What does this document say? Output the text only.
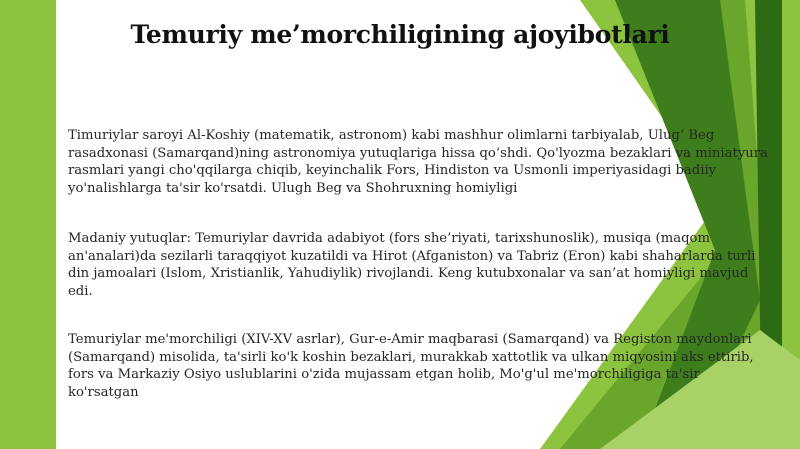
Temuriy me’morchiligining ajoyibotlari

Timuriylar saroyi Al-Koshiy (matematik, astronom) kabi mashhur olimlarni tarbiyalab, Ulug‘ Beg rasadxonasi (Samarqand)ning astronomiya yutuqlariga hissa qo‘shdi. Qo'lyozma bezaklari va miniatyura rasmlari yangi cho'qqilarga chiqib, keyinchalik Fors, Hindiston va Usmonli imperiyasidagi badiiy yo'nalishlarga ta'sir ko'rsatdi. Ulugh Beg va Shohruxning homiyligi

Madaniy yutuqlar: Temuriylar davrida adabiyot (fors she’riyati, tarixshunoslik), musiqa (maqom an'analari)da sezilarli taraqqiyot kuzatildi va Hirot (Afganiston) va Tabriz (Eron) kabi shaharlarda turli din jamoalari (Islom, Xristianlik, Yahudiylik) rivojlandi. Keng kutubxonalar va san’at homiyligi mavjud edi.

Temuriylar me'morchiligi (XIV-XV asrlar), Gur-e-Amir maqbarasi (Samarqand) va Registon maydonlari (Samarqand) misolida, ta'sirli ko'k koshin bezaklari, murakkab xattotlik va ulkan miqyosini aks ettirib, fors va Markaziy Osiyo uslublarini o'zida mujassam etgan holib, Mo'g'ul me'morchiligiga ta'sir ko'rsatgan
